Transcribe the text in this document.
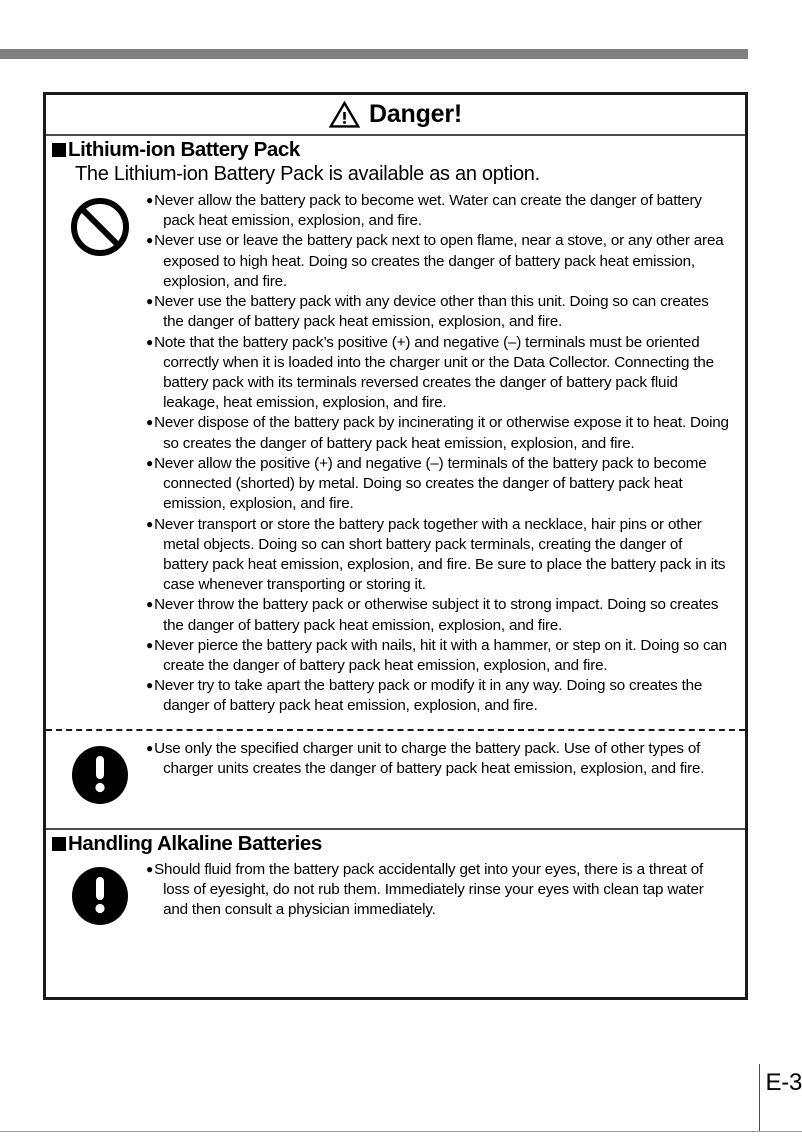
Danger!
Lithium-ion Battery Pack
The Lithium-ion Battery Pack is available as an option.
● Never allow the battery pack to become wet. Water can create the danger of battery pack heat emission, explosion, and fire.
● Never use or leave the battery pack next to open flame, near a stove, or any other area exposed to high heat. Doing so creates the danger of battery pack heat emission, explosion, and fire.
● Never use the battery pack with any device other than this unit. Doing so can creates the danger of battery pack heat emission, explosion, and fire.
● Note that the battery pack’s positive (+) and negative (–) terminals must be oriented correctly when it is loaded into the charger unit or the Data Collector. Connecting the battery pack with its terminals reversed creates the danger of battery pack fluid leakage, heat emission, explosion, and fire.
● Never dispose of the battery pack by incinerating it or otherwise expose it to heat. Doing so creates the danger of battery pack heat emission, explosion, and fire.
● Never allow the positive (+) and negative (–) terminals of the battery pack to become connected (shorted) by metal. Doing so creates the danger of battery pack heat emission, explosion, and fire.
● Never transport or store the battery pack together with a necklace, hair pins or other metal objects. Doing so can short battery pack terminals, creating the danger of battery pack heat emission, explosion, and fire. Be sure to place the battery pack in its case whenever transporting or storing it.
● Never throw the battery pack or otherwise subject it to strong impact. Doing so creates the danger of battery pack heat emission, explosion, and fire.
● Never pierce the battery pack with nails, hit it with a hammer, or step on it. Doing so can create the danger of battery pack heat emission, explosion, and fire.
● Never try to take apart the battery pack or modify it in any way. Doing so creates the danger of battery pack heat emission, explosion, and fire.
● Use only the specified charger unit to charge the battery pack. Use of other types of charger units creates the danger of battery pack heat emission, explosion, and fire.
Handling Alkaline Batteries
● Should fluid from the battery pack accidentally get into your eyes, there is a threat of loss of eyesight, do not rub them. Immediately rinse your eyes with clean tap water and then consult a physician immediately.
E-3
